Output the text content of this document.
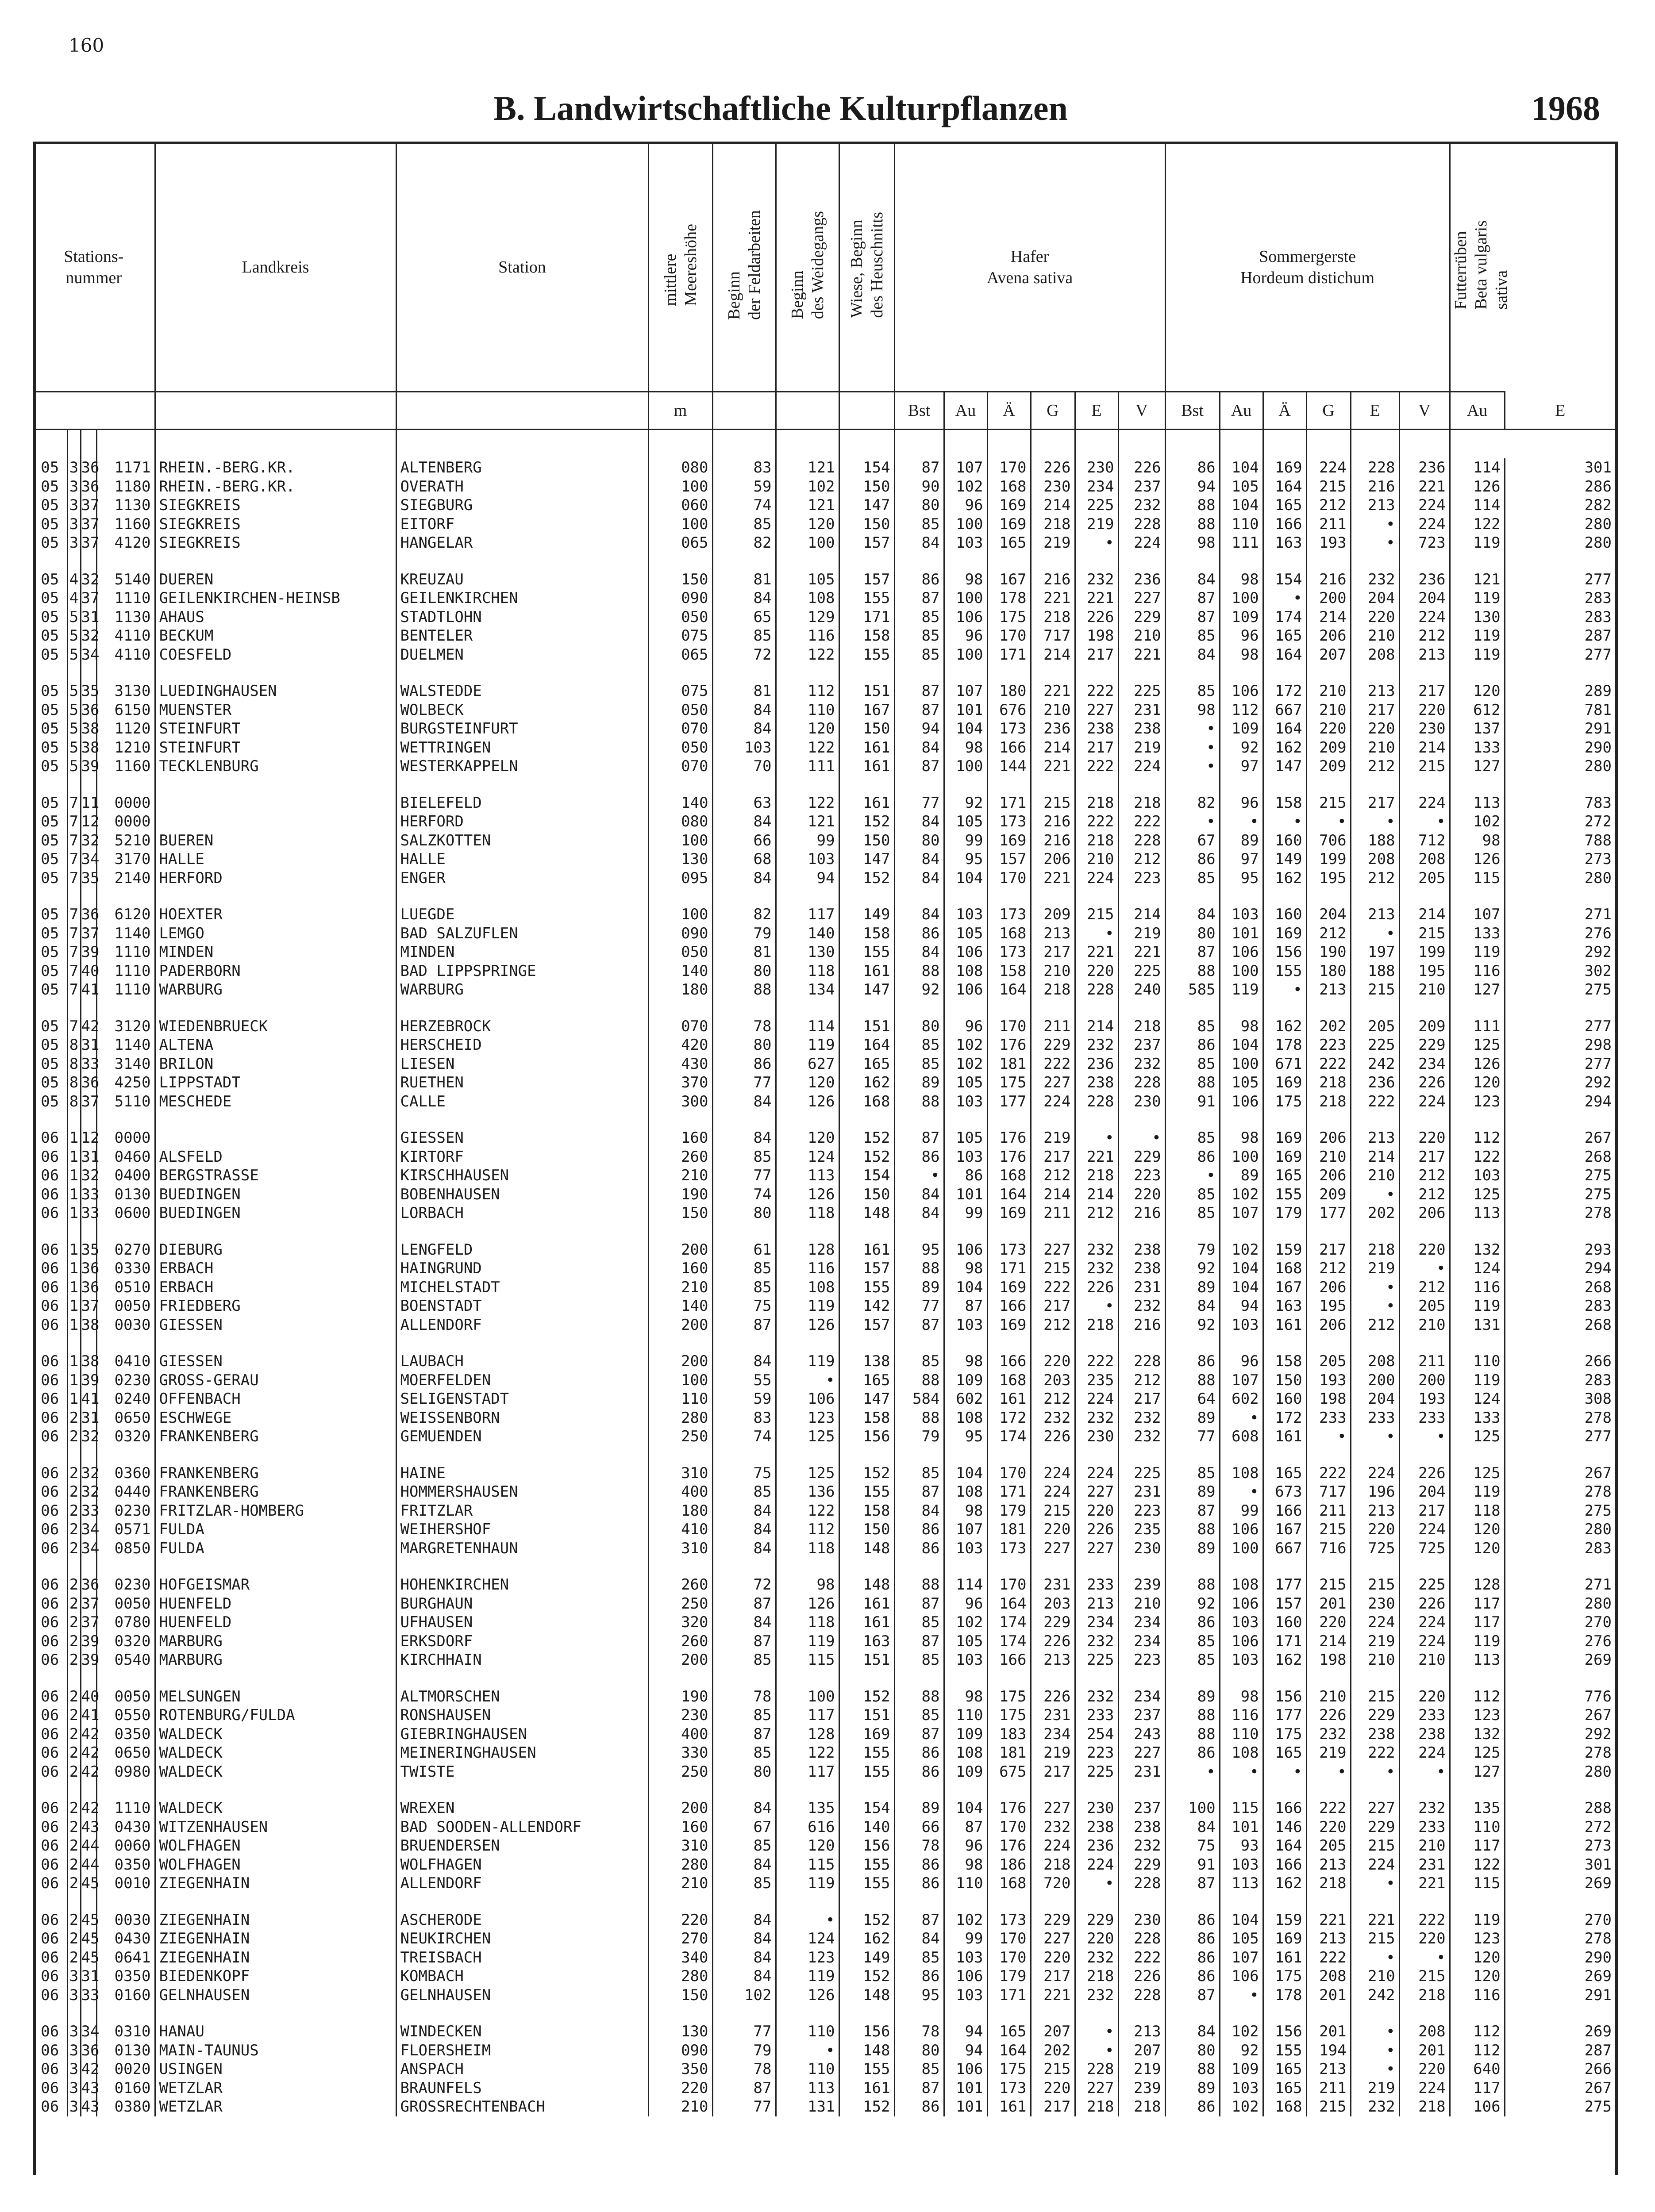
160
B. Landwirtschaftliche Kulturpflanzen	1968
Stations-
nummer				Landkreis	Station	mittlere
Meereshöhe	Beginn
der Feldarbeiten	Beginn
des Weidegangs	Wiese, Beginn
des Heuschnitts	Hafer
Avena sativa						Sommergerste
Hordeum distichum						Futterrüben
Beta vulgaris
sativa	
						m				Bst	Au	Ä	G	E	V	Bst	Au	Ä	G	E	V	Au	E

05	3	36	1171	RHEIN.-BERG.KR.	ALTENBERG	080	83	121	154	87	107	170	226	230	226	86	104	169	224	228	236	114	301
05	3	36	1180	RHEIN.-BERG.KR.	OVERATH	100	59	102	150	90	102	168	230	234	237	94	105	164	215	216	221	126	286
05	3	37	1130	SIEGKREIS	SIEGBURG	060	74	121	147	80	96	169	214	225	232	88	104	165	212	213	224	114	282
05	3	37	1160	SIEGKREIS	EITORF	100	85	120	150	85	100	169	218	219	228	88	110	166	211	•	224	122	280
05	3	37	4120	SIEGKREIS	HANGELAR	065	82	100	157	84	103	165	219	•	224	98	111	163	193	•	723	119	280
05	4	32	5140	DUEREN	KREUZAU	150	81	105	157	86	98	167	216	232	236	84	98	154	216	232	236	121	277
05	4	37	1110	GEILENKIRCHEN-HEINSB	GEILENKIRCHEN	090	84	108	155	87	100	178	221	221	227	87	100	•	200	204	204	119	283
05	5	31	1130	AHAUS	STADTLOHN	050	65	129	171	85	106	175	218	226	229	87	109	174	214	220	224	130	283
05	5	32	4110	BECKUM	BENTELER	075	85	116	158	85	96	170	717	198	210	85	96	165	206	210	212	119	287
05	5	34	4110	COESFELD	DUELMEN	065	72	122	155	85	100	171	214	217	221	84	98	164	207	208	213	119	277
05	5	35	3130	LUEDINGHAUSEN	WALSTEDDE	075	81	112	151	87	107	180	221	222	225	85	106	172	210	213	217	120	289
05	5	36	6150	MUENSTER	WOLBECK	050	84	110	167	87	101	676	210	227	231	98	112	667	210	217	220	612	781
05	5	38	1120	STEINFURT	BURGSTEINFURT	070	84	120	150	94	104	173	236	238	238	•	109	164	220	220	230	137	291
05	5	38	1210	STEINFURT	WETTRINGEN	050	103	122	161	84	98	166	214	217	219	•	92	162	209	210	214	133	290
05	5	39	1160	TECKLENBURG	WESTERKAPPELN	070	70	111	161	87	100	144	221	222	224	•	97	147	209	212	215	127	280
05	7	11	0000		BIELEFELD	140	63	122	161	77	92	171	215	218	218	82	96	158	215	217	224	113	783
05	7	12	0000		HERFORD	080	84	121	152	84	105	173	216	222	222	•	•	•	•	•	•	102	272
05	7	32	5210	BUEREN	SALZKOTTEN	100	66	99	150	80	99	169	216	218	228	67	89	160	706	188	712	98	788
05	7	34	3170	HALLE	HALLE	130	68	103	147	84	95	157	206	210	212	86	97	149	199	208	208	126	273
05	7	35	2140	HERFORD	ENGER	095	84	94	152	84	104	170	221	224	223	85	95	162	195	212	205	115	280
05	7	36	6120	HOEXTER	LUEGDE	100	82	117	149	84	103	173	209	215	214	84	103	160	204	213	214	107	271
05	7	37	1140	LEMGO	BAD SALZUFLEN	090	79	140	158	86	105	168	213	•	219	80	101	169	212	•	215	133	276
05	7	39	1110	MINDEN	MINDEN	050	81	130	155	84	106	173	217	221	221	87	106	156	190	197	199	119	292
05	7	40	1110	PADERBORN	BAD LIPPSPRINGE	140	80	118	161	88	108	158	210	220	225	88	100	155	180	188	195	116	302
05	7	41	1110	WARBURG	WARBURG	180	88	134	147	92	106	164	218	228	240	585	119	•	213	215	210	127	275
05	7	42	3120	WIEDENBRUECK	HERZEBROCK	070	78	114	151	80	96	170	211	214	218	85	98	162	202	205	209	111	277
05	8	31	1140	ALTENA	HERSCHEID	420	80	119	164	85	102	176	229	232	237	86	104	178	223	225	229	125	298
05	8	33	3140	BRILON	LIESEN	430	86	627	165	85	102	181	222	236	232	85	100	671	222	242	234	126	277
05	8	36	4250	LIPPSTADT	RUETHEN	370	77	120	162	89	105	175	227	238	228	88	105	169	218	236	226	120	292
05	8	37	5110	MESCHEDE	CALLE	300	84	126	168	88	103	177	224	228	230	91	106	175	218	222	224	123	294
06	1	12	0000		GIESSEN	160	84	120	152	87	105	176	219	•	•	85	98	169	206	213	220	112	267
06	1	31	0460	ALSFELD	KIRTORF	260	85	124	152	86	103	176	217	221	229	86	100	169	210	214	217	122	268
06	1	32	0400	BERGSTRASSE	KIRSCHHAUSEN	210	77	113	154	•	86	168	212	218	223	•	89	165	206	210	212	103	275
06	1	33	0130	BUEDINGEN	BOBENHAUSEN	190	74	126	150	84	101	164	214	214	220	85	102	155	209	•	212	125	275
06	1	33	0600	BUEDINGEN	LORBACH	150	80	118	148	84	99	169	211	212	216	85	107	179	177	202	206	113	278
06	1	35	0270	DIEBURG	LENGFELD	200	61	128	161	95	106	173	227	232	238	79	102	159	217	218	220	132	293
06	1	36	0330	ERBACH	HAINGRUND	160	85	116	157	88	98	171	215	232	238	92	104	168	212	219	•	124	294
06	1	36	0510	ERBACH	MICHELSTADT	210	85	108	155	89	104	169	222	226	231	89	104	167	206	•	212	116	268
06	1	37	0050	FRIEDBERG	BOENSTADT	140	75	119	142	77	87	166	217	•	232	84	94	163	195	•	205	119	283
06	1	38	0030	GIESSEN	ALLENDORF	200	87	126	157	87	103	169	212	218	216	92	103	161	206	212	210	131	268
06	1	38	0410	GIESSEN	LAUBACH	200	84	119	138	85	98	166	220	222	228	86	96	158	205	208	211	110	266
06	1	39	0230	GROSS-GERAU	MOERFELDEN	100	55	•	165	88	109	168	203	235	212	88	107	150	193	200	200	119	283
06	1	41	0240	OFFENBACH	SELIGENSTADT	110	59	106	147	584	602	161	212	224	217	64	602	160	198	204	193	124	308
06	2	31	0650	ESCHWEGE	WEISSENBORN	280	83	123	158	88	108	172	232	232	232	89	•	172	233	233	233	133	278
06	2	32	0320	FRANKENBERG	GEMUENDEN	250	74	125	156	79	95	174	226	230	232	77	608	161	•	•	•	125	277
06	2	32	0360	FRANKENBERG	HAINE	310	75	125	152	85	104	170	224	224	225	85	108	165	222	224	226	125	267
06	2	32	0440	FRANKENBERG	HOMMERSHAUSEN	400	85	136	155	87	108	171	224	227	231	89	•	673	717	196	204	119	278
06	2	33	0230	FRITZLAR-HOMBERG	FRITZLAR	180	84	122	158	84	98	179	215	220	223	87	99	166	211	213	217	118	275
06	2	34	0571	FULDA	WEIHERSHOF	410	84	112	150	86	107	181	220	226	235	88	106	167	215	220	224	120	280
06	2	34	0850	FULDA	MARGRETENHAUN	310	84	118	148	86	103	173	227	227	230	89	100	667	716	725	725	120	283
06	2	36	0230	HOFGEISMAR	HOHENKIRCHEN	260	72	98	148	88	114	170	231	233	239	88	108	177	215	215	225	128	271
06	2	37	0050	HUENFELD	BURGHAUN	250	87	126	161	87	96	164	203	213	210	92	106	157	201	230	226	117	280
06	2	37	0780	HUENFELD	UFHAUSEN	320	84	118	161	85	102	174	229	234	234	86	103	160	220	224	224	117	270
06	2	39	0320	MARBURG	ERKSDORF	260	87	119	163	87	105	174	226	232	234	85	106	171	214	219	224	119	276
06	2	39	0540	MARBURG	KIRCHHAIN	200	85	115	151	85	103	166	213	225	223	85	103	162	198	210	210	113	269
06	2	40	0050	MELSUNGEN	ALTMORSCHEN	190	78	100	152	88	98	175	226	232	234	89	98	156	210	215	220	112	776
06	2	41	0550	ROTENBURG/FULDA	RONSHAUSEN	230	85	117	151	85	110	175	231	233	237	88	116	177	226	229	233	123	267
06	2	42	0350	WALDECK	GIEBRINGHAUSEN	400	87	128	169	87	109	183	234	254	243	88	110	175	232	238	238	132	292
06	2	42	0650	WALDECK	MEINERINGHAUSEN	330	85	122	155	86	108	181	219	223	227	86	108	165	219	222	224	125	278
06	2	42	0980	WALDECK	TWISTE	250	80	117	155	86	109	675	217	225	231	•	•	•	•	•	•	127	280
06	2	42	1110	WALDECK	WREXEN	200	84	135	154	89	104	176	227	230	237	100	115	166	222	227	232	135	288
06	2	43	0430	WITZENHAUSEN	BAD SOODEN-ALLENDORF	160	67	616	140	66	87	170	232	238	238	84	101	146	220	229	233	110	272
06	2	44	0060	WOLFHAGEN	BRUENDERSEN	310	85	120	156	78	96	176	224	236	232	75	93	164	205	215	210	117	273
06	2	44	0350	WOLFHAGEN	WOLFHAGEN	280	84	115	155	86	98	186	218	224	229	91	103	166	213	224	231	122	301
06	2	45	0010	ZIEGENHAIN	ALLENDORF	210	85	119	155	86	110	168	720	•	228	87	113	162	218	•	221	115	269
06	2	45	0030	ZIEGENHAIN	ASCHERODE	220	84	•	152	87	102	173	229	229	230	86	104	159	221	221	222	119	270
06	2	45	0430	ZIEGENHAIN	NEUKIRCHEN	270	84	124	162	84	99	170	227	220	228	86	105	169	213	215	220	123	278
06	2	45	0641	ZIEGENHAIN	TREISBACH	340	84	123	149	85	103	170	220	232	222	86	107	161	222	•	•	120	290
06	3	31	0350	BIEDENKOPF	KOMBACH	280	84	119	152	86	106	179	217	218	226	86	106	175	208	210	215	120	269
06	3	33	0160	GELNHAUSEN	GELNHAUSEN	150	102	126	148	95	103	171	221	232	228	87	•	178	201	242	218	116	291
06	3	34	0310	HANAU	WINDECKEN	130	77	110	156	78	94	165	207	•	213	84	102	156	201	•	208	112	269
06	3	36	0130	MAIN-TAUNUS	FLOERSHEIM	090	79	•	148	80	94	164	202	•	207	80	92	155	194	•	201	112	287
06	3	42	0020	USINGEN	ANSPACH	350	78	110	155	85	106	175	215	228	219	88	109	165	213	•	220	640	266
06	3	43	0160	WETZLAR	BRAUNFELS	220	87	113	161	87	101	173	220	227	239	89	103	165	211	219	224	117	267
06	3	43	0380	WETZLAR	GROSSRECHTENBACH	210	77	131	152	86	101	161	217	218	218	86	102	168	215	232	218	106	275
